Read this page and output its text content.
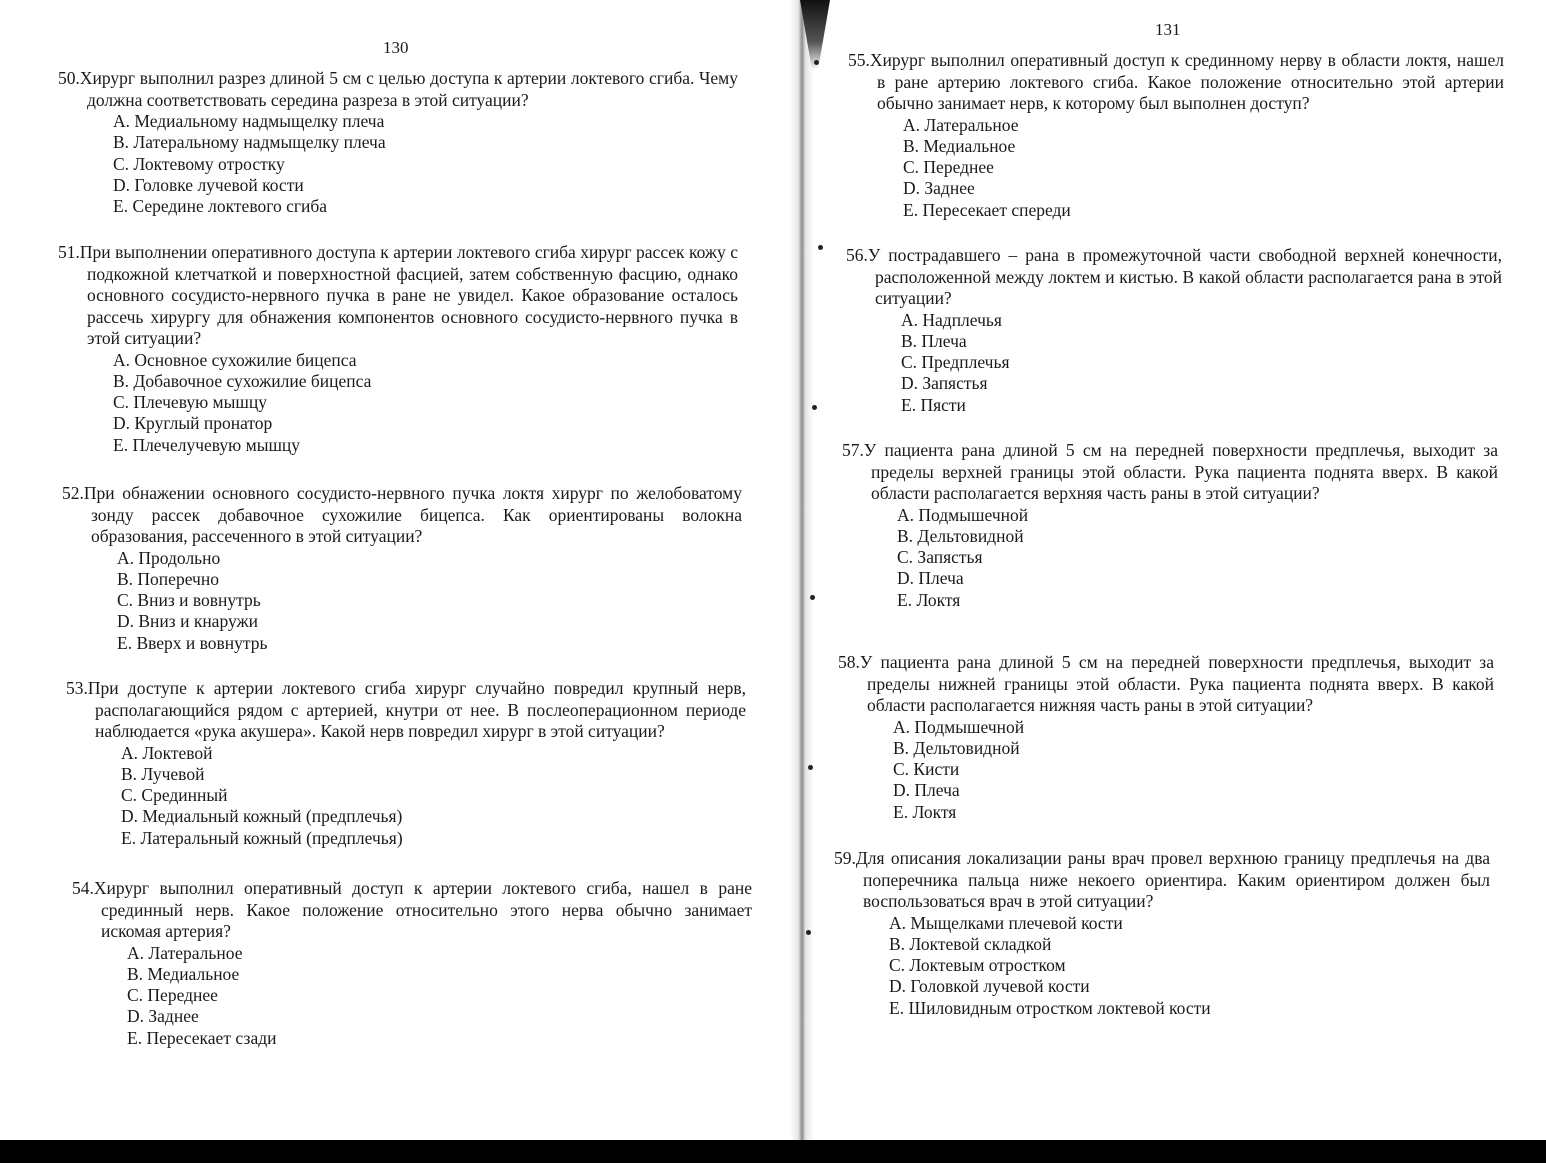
130

50.Хирург выполнил разрез длиной 5 см с целью доступа к артерии локтевого сгиба. Чему должна соответствовать середина разреза в этой ситуации?

A. Медиальному надмыщелку плеча
B. Латеральному надмыщелку плеча
C. Локтевому отростку
D. Головке лучевой кости
E. Середине локтевого сгиба

51.При выполнении оперативного доступа к артерии локтевого сгиба хирург рассек кожу с подкожной клетчаткой и поверхностной фасцией, затем собственную фасцию, однако основного сосудисто-нервного пучка в ране не увидел. Какое образование осталось рассечь хирургу для обнажения компонентов основного сосудисто-нервного пучка в этой ситуации?

A. Основное сухожилие бицепса
B. Добавочное сухожилие бицепса
C. Плечевую мышцу
D. Круглый пронатор
E. Плечелучевую мышцу

52.При обнажении основного сосудисто-нервного пучка локтя хирург по желобоватому зонду рассек добавочное сухожилие бицепса. Как ориентированы волокна образования, рассеченного в этой ситуации?

A. Продольно
B. Поперечно
C. Вниз и вовнутрь
D. Вниз и кнаружи
E. Вверх и вовнутрь

53.При доступе к артерии локтевого сгиба хирург случайно повредил крупный нерв, располагающийся рядом с артерией, кнутри от нее. В послеоперационном периоде наблюдается «рука акушера». Какой нерв повредил хирург в этой ситуации?

A. Локтевой
B. Лучевой
C. Срединный
D. Медиальный кожный (предплечья)
E. Латеральный кожный (предплечья)

54.Хирург выполнил оперативный доступ к артерии локтевого сгиба, нашел в ране срединный нерв. Какое положение относительно этого нерва обычно занимает искомая артерия?

A. Латеральное
B. Медиальное
C. Переднее
D. Заднее
E. Пересекает сзади
131

55.Хирург выполнил оперативный доступ к срединному нерву в области локтя, нашел в ране артерию локтевого сгиба. Какое положение относительно этой артерии обычно занимает нерв, к которому был выполнен доступ?

A. Латеральное
B. Медиальное
C. Переднее
D. Заднее
E. Пересекает спереди

56.У пострадавшего – рана в промежуточной части свободной верхней конечности, расположенной между локтем и кистью. В какой области располагается рана в этой ситуации?

A. Надплечья
B. Плеча
C. Предплечья
D. Запястья
E. Пясти

57.У пациента рана длиной 5 см на передней поверхности предплечья, выходит за пределы верхней границы этой области. Рука пациента поднята вверх. В какой области располагается верхняя часть раны в этой ситуации?

A. Подмышечной
B. Дельтовидной
C. Запястья
D. Плеча
E. Локтя

58.У пациента рана длиной 5 см на передней поверхности предплечья, выходит за пределы нижней границы этой области. Рука пациента поднята вверх. В какой области располагается нижняя часть раны в этой ситуации?

A. Подмышечной
B. Дельтовидной
C. Кисти
D. Плеча
E. Локтя

59.Для описания локализации раны врач провел верхнюю границу предплечья на два поперечника пальца ниже некоего ориентира. Каким ориентиром должен был воспользоваться врач в этой ситуации?

A. Мыщелками плечевой кости
B. Локтевой складкой
C. Локтевым отростком
D. Головкой лучевой кости
E. Шиловидным отростком локтевой кости
